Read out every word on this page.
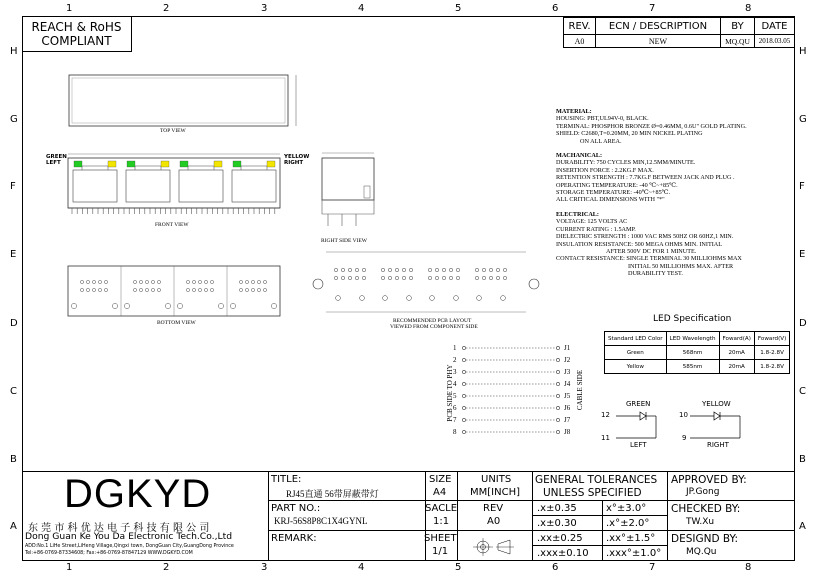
1	2	3	4	5	6	7	8
1	2	3	4	5	6	7	8
H
G
F
E
D
C
B
A
H
G
F
E
D
C
B
A
REACH & RoHS
COMPLIANT
REV.	ECN / DESCRIPTION	BY	DATE
A0	NEW	MQ.QU	2018.03.05
TOP VIEW
GREEN
LEFT
YELLOW
RIGHT
FRONT VIEW
RIGHT SIDE VIEW
BOTTOM VIEW	RECOMMENDED PCB LAYOUT
VIEWED FROM COMPONENT SIDE
MATERIAL:
HOUSING: PBT,UL94V-0, BLACK.
TERMINAL: PHOSPHOR BRONZE Ø=0.46MM, 0.6U" GOLD PLATING.
SHIELD: C2680,T=0.20MM, 20 MIN NICKEL PLATING
ON ALL AREA.
MACHANICAL:
DURABILITY: 750 CYCLES MIN,12.5MM/MINUTE.
INSERTION FORCE : 2.2KG.F MAX.
RETENTION STRENGTH : 7.7KG.F BETWEEN JACK AND PLUG .
OPERATING TEMPERATURE: -40 ℃~+85℃.
STORAGE TEMPERATURE: -40℃~+85℃.
ALL CRITICAL DIMENSIONS WITH "*"
ELECTRICAL:
VOLTAGE: 125 VOLTS AC
CURRENT RATING : 1.5AMP.
DIELECTRIC STRENGTH : 1000 VAC RMS 50HZ OR 60HZ,1 MIN.
INSULATION RESISTANCE: 500 MEGA OHMS MIN. INITIAL
AFTER 500V DC FOR 1 MINUTE.
CONTACT RESISTANCE: SINGLE TERMINAL 30 MILLIOHMS MAX
INITIAL 50 MILLIOHMS MAX. AFTER
DURABILITY TEST.
LED Specification
Standard LED Color	LED Wavelength	Foward(A)	Foward(V)
Green	568nm	20mA	1.8-2.8V
Yellow	585nm	20mA	1.8-2.8V
1
2
3
4
5
6
7
8
J1
J2
J3
J4
J5
J6
J7
J8
PCB SIDE TO PHY	CABLE SIDE	GREEN	YELLOW
12
11
10
9
LEFT	RIGHT
DGKYD
东 莞 市 科 优 达 电 子 科 技 有 限 公 司
Dong Guan Ke You Da Electronic Tech.Co.,Ltd
ADD:No.1 LiHe Street,LiHeng Village,Qingxi town, DongGuan City,GuangDong Province
Tel:+86-0769-87334608; Fax:+86-0769-87847129 WWW.DGKYD.COM
TITLE:
RJ45直通 56带屏蔽带灯
PART NO.:
KRJ-56S8P8C1X4GYNL
REMARK:
SIZE
A4
SACLE
1:1
SHEET
1/1
UNITS
MM[INCH]
REV
A0
GENERAL TOLERANCES
UNLESS SPECIFIED
.x±0.35	x°±3.0°
.x±0.30	.x°±2.0°
.xx±0.25 .xx°±1.5°
.xxx±0.10 .xxx°±1.0°
APPROVED BY:
JP.Gong
CHECKED BY:
TW.Xu
DESIGND BY:
MQ.Qu
